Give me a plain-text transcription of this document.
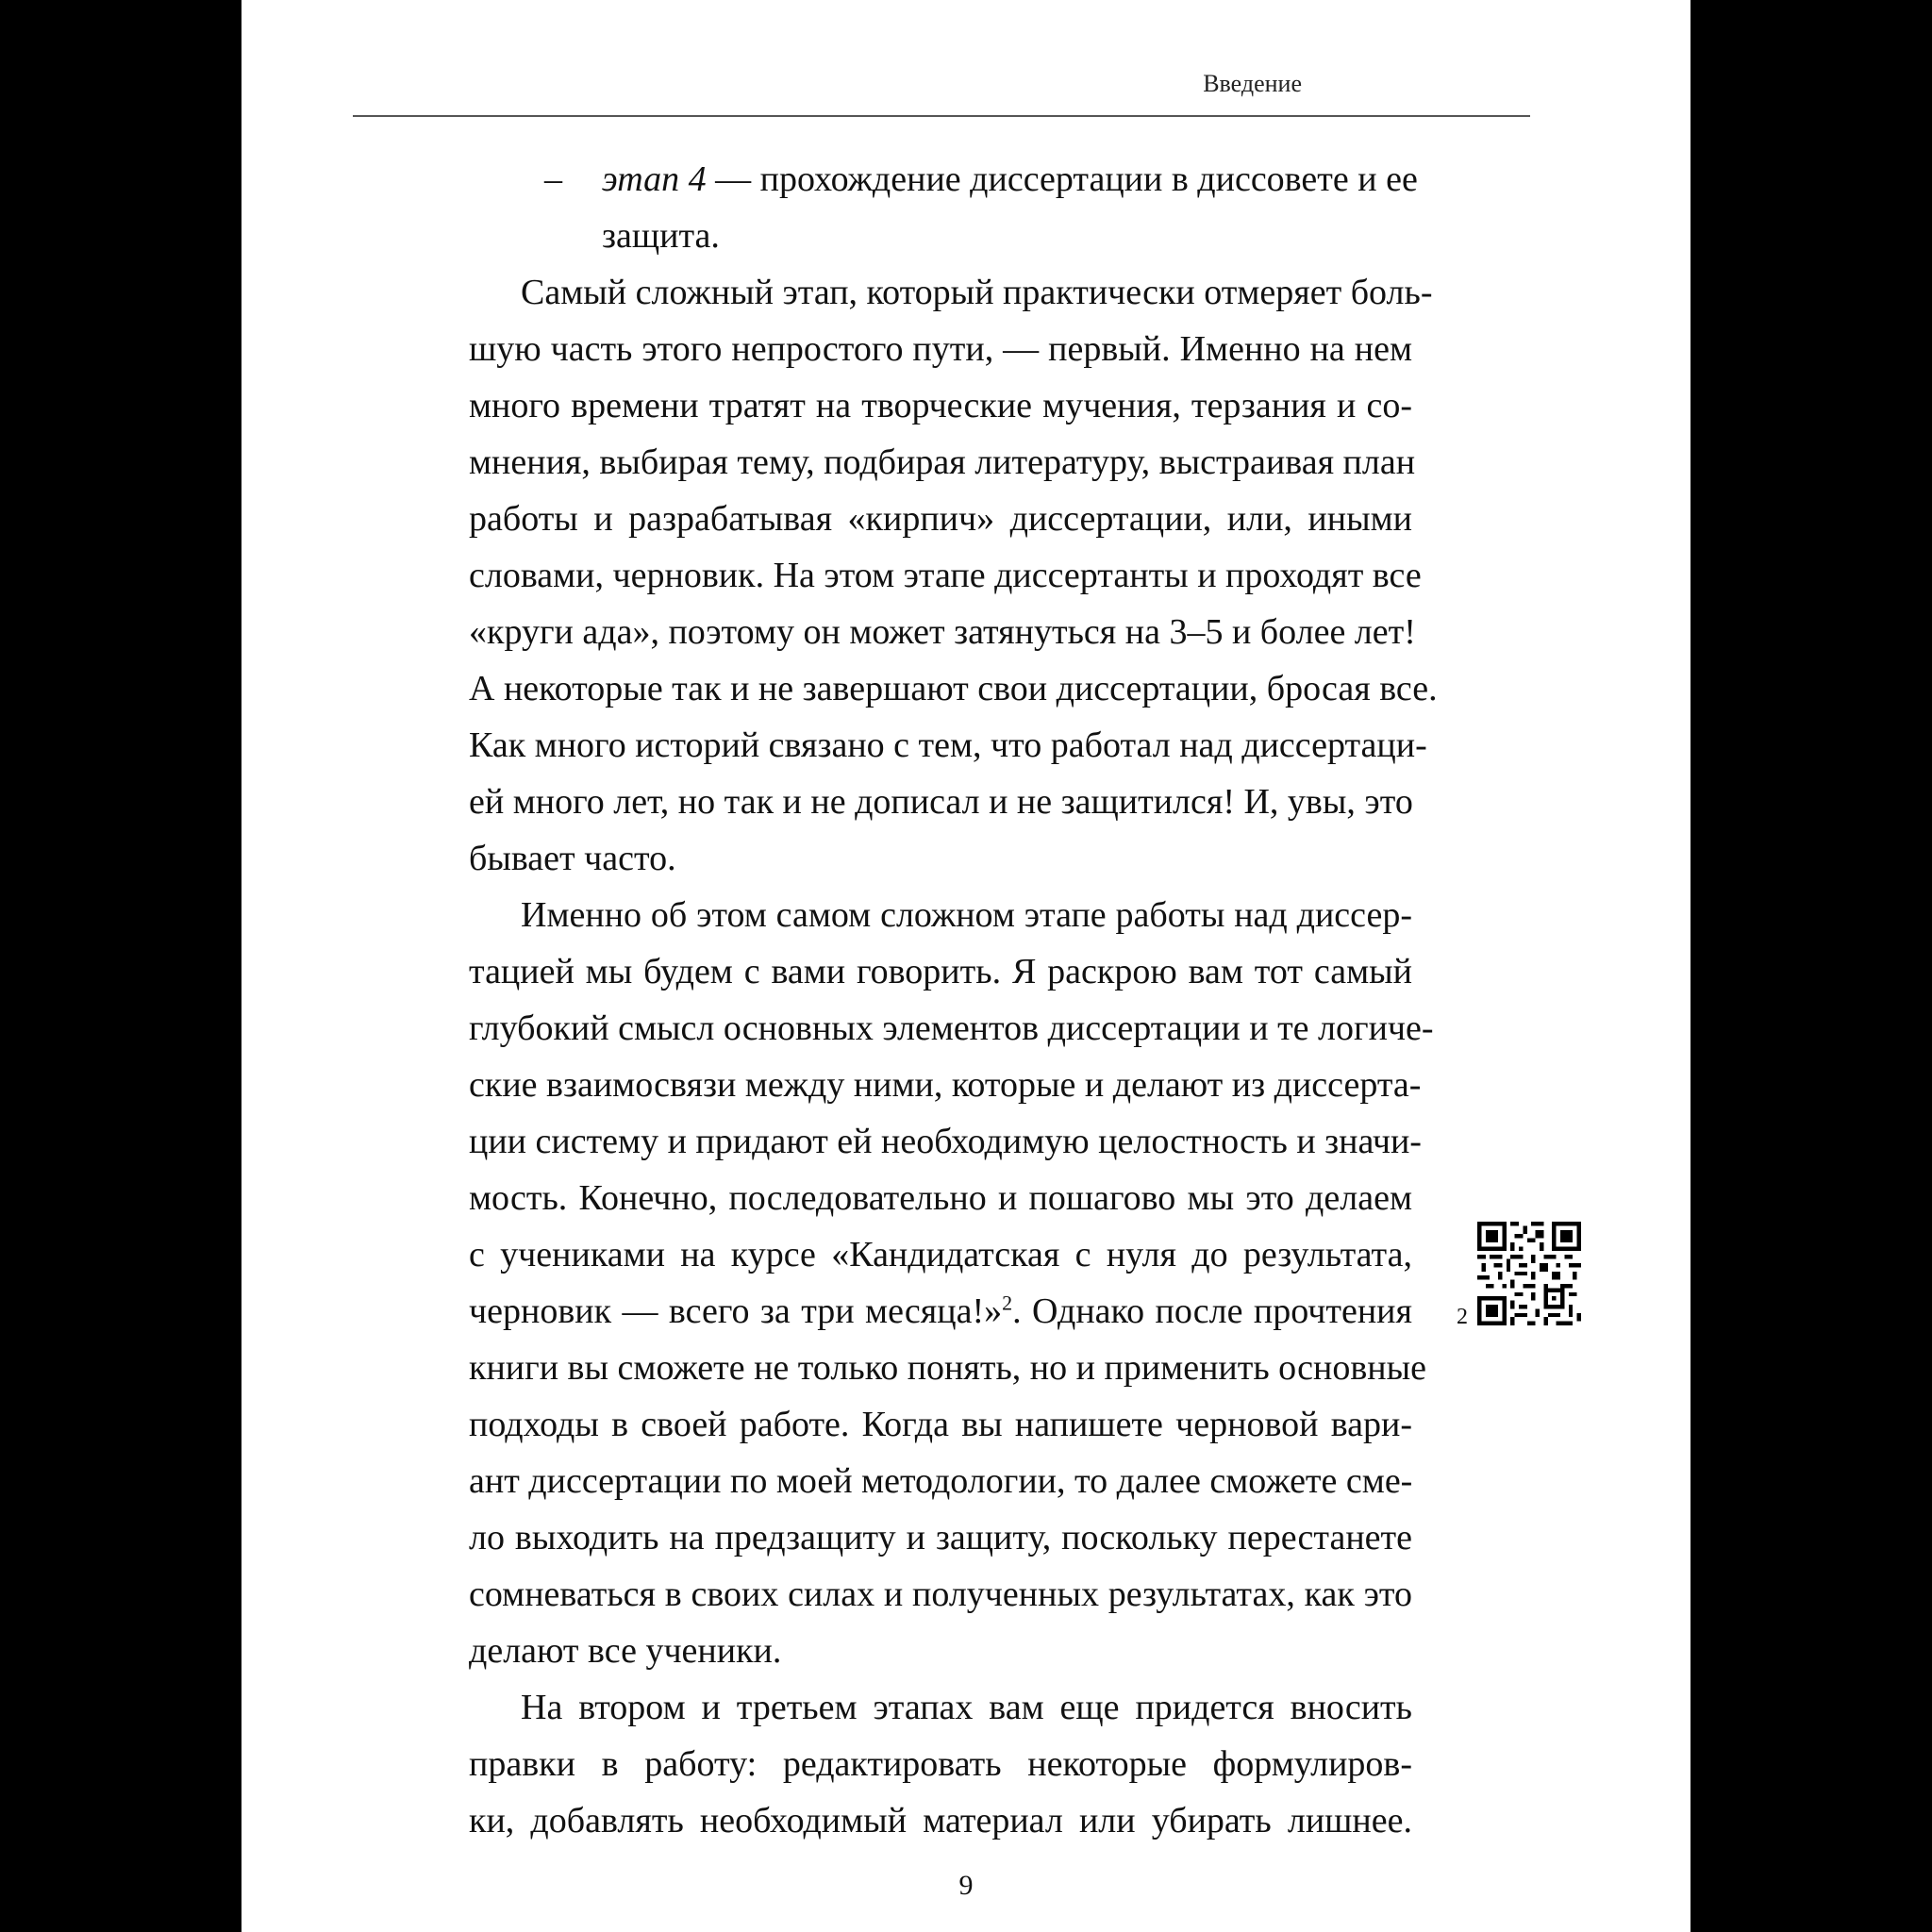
Введение
– этап 4 — прохождение диссертации в диссовете и ее
защита.
Самый сложный этап, который практически отмеряет боль-
шую часть этого непростого пути, — первый. Именно на нем
много времени тратят на творческие мучения, терзания и со-
мнения, выбирая тему, подбирая литературу, выстраивая план
работы и разрабатывая «кирпич» диссертации, или, иными
словами, черновик. На этом этапе диссертанты и проходят все
«круги ада», поэтому он может затянуться на 3–5 и более лет!
А некоторые так и не завершают свои диссертации, бросая все.
Как много историй связано с тем, что работал над диссертаци-
ей много лет, но так и не дописал и не защитился! И, увы, это
бывает часто.
Именно об этом самом сложном этапе работы над диссер-
тацией мы будем с вами говорить. Я раскрою вам тот самый
глубокий смысл основных элементов диссертации и те логиче-
ские взаимосвязи между ними, которые и делают из диссерта-
ции систему и придают ей необходимую целостность и значи-
мость. Конечно, последовательно и пошагово мы это делаем
с учениками на курсе «Кандидатская с нуля до результата,
черновик — всего за три месяца!»$^2$. Однако после прочтения
книги вы сможете не только понять, но и применить основные
подходы в своей работе. Когда вы напишете черновой вари-
ант диссертации по моей методологии, то далее сможете сме-
ло выходить на предзащиту и защиту, поскольку перестанете
сомневаться в своих силах и полученных результатах, как это
делают все ученики.
На втором и третьем этапах вам еще придется вносить
правки в работу: редактировать некоторые формулиров-
ки, добавлять необходимый материал или убирать лишнее.
2
9
